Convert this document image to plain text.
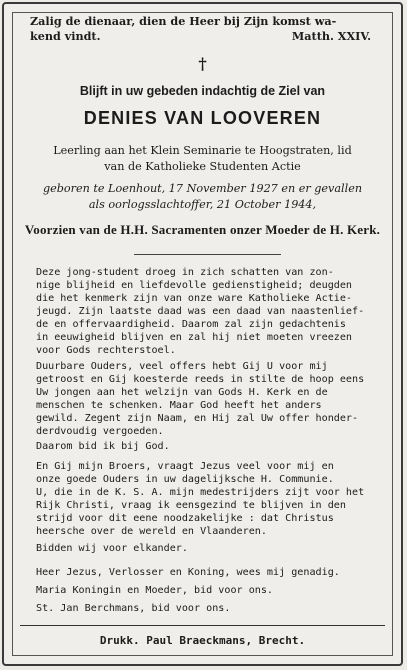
Zalig de dienaar, dien de Heer bij Zijn komst wa-
kend vindt.	Matth. XXIV.
†
Blijft in uw gebeden indachtig de Ziel van
DENIES VAN LOOVEREN
Leerling aan het Klein Seminarie te Hoogstraten, lid
van de Katholieke Studenten Actie
geboren te Loenhout, 17 November 1927 en er gevallen
als oorlogsslachtoffer, 21 October 1944,
Voorzien van de H.H. Sacramenten onzer Moeder de H. Kerk.
Deze jong-student droeg in zich schatten van zon-
nige blijheid en liefdevolle gedienstigheid; deugden
die het kenmerk zijn van onze ware Katholieke Actie-
jeugd. Zijn laatste daad was een daad van naastenlief-
de en offervaardigheid. Daarom zal zijn gedachtenis
in eeuwigheid blijven en zal hij niet moeten vreezen
voor Gods rechterstoel.
Duurbare Ouders, veel offers hebt Gij U voor mij
getroost en Gij koesterde reeds in stilte de hoop eens
Uw jongen aan het welzijn van Gods H. Kerk en de
menschen te schenken. Maar God heeft het anders
gewild. Zegent zijn Naam, en Hij zal Uw offer honder-
derdvoudig vergoeden.
Daarom bid ik bij God.
En Gij mijn Broers, vraagt Jezus veel voor mij en
onze goede Ouders in uw dagelijksche H. Communie.
U, die in de K. S. A. mijn medestrijders zijt voor het
Rijk Christi, vraag ik eensgezind te blijven in den
strijd voor dit eene noodzakelijke : dat Christus
heersche over de wereld en Vlaanderen.
Bidden wij voor elkander.
Heer Jezus, Verlosser en Koning, wees mij genadig.
Maria Koningin en Moeder, bid voor ons.
St. Jan Berchmans, bid voor ons.
Drukk. Paul Braeckmans, Brecht.
